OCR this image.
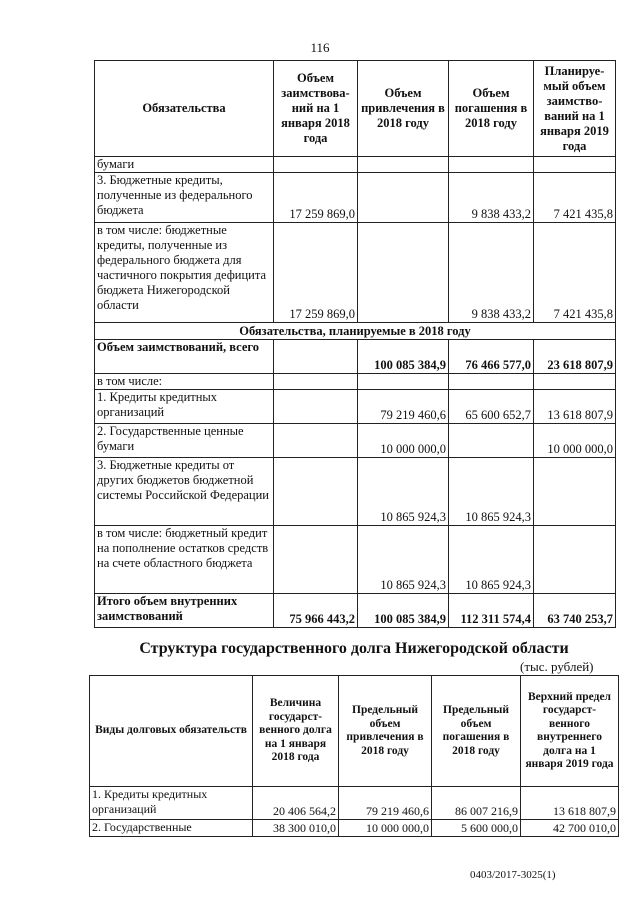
116
Обязательства	Объем заимствова-ний на 1 января 2018 года	Объем привлечения в 2018 году	Объем погашения в 2018 году	Планируе-мый объем заимство-ваний на 1 января 2019 года
бумаги				
3. Бюджетные кредиты, полученные из федерального бюджета	17 259 869,0		9 838 433,2	7 421 435,8
в том числе: бюджетные кредиты, полученные из федерального бюджета для частичного покрытия дефицита бюджета Нижегородской области	17 259 869,0		9 838 433,2	7 421 435,8
Обязательства, планируемые в 2018 году				
Объем заимствований, всего		100 085 384,9	76 466 577,0	23 618 807,9
в том числе:				
1. Кредиты кредитных организаций		79 219 460,6	65 600 652,7	13 618 807,9
2. Государственные ценные бумаги		10 000 000,0		10 000 000,0
3. Бюджетные кредиты от других бюджетов бюджетной системы Российской Федерации		10 865 924,3	10 865 924,3	
в том числе: бюджетный кредит на пополнение остатков средств на счете областного бюджета		10 865 924,3	10 865 924,3	
Итого объем внутренних заимствований	75 966 443,2	100 085 384,9	112 311 574,4	63 740 253,7
Структура государственного долга Нижегородской области
(тыс. рублей)
Виды долговых обязательств	Величина государст-венного долга на 1 января 2018 года	Предельный объем привлечения в 2018 году	Предельный объем погашения в 2018 году	Верхний предел государст-венного внутреннего долга на 1 января 2019 года
1. Кредиты кредитных организаций	20 406 564,2	79 219 460,6	86 007 216,9	13 618 807,9
2. Государственные	38 300 010,0	10 000 000,0	5 600 000,0	42 700 010,0
0403/2017-3025(1)
